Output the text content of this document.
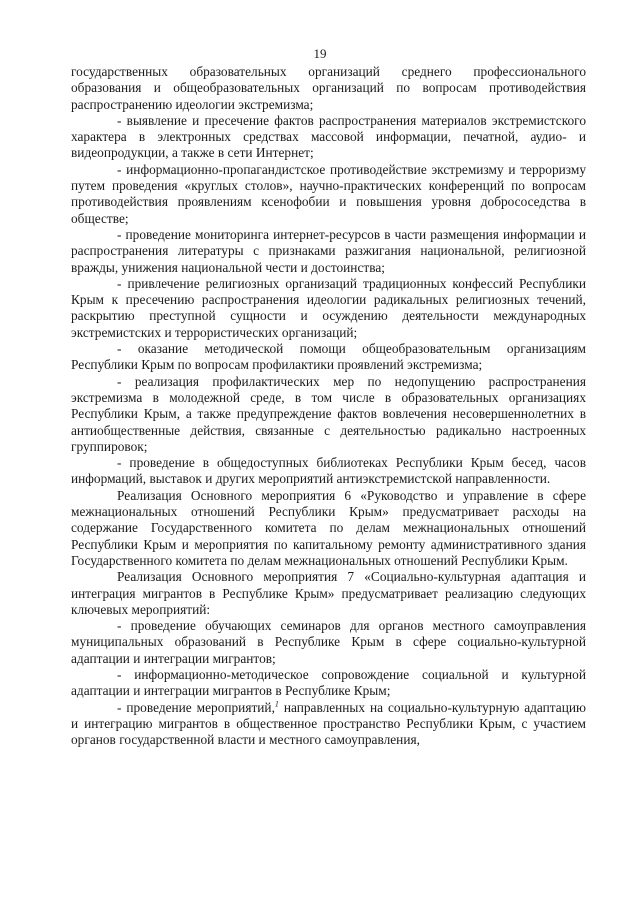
19

государственных образовательных организаций среднего профессионального образования и общеобразовательных организаций по вопросам противодействия распространению идеологии экстремизма;

- выявление и пресечение фактов распространения материалов экстремистского характера в электронных средствах массовой информации, печатной, аудио- и видеопродукции, а также в сети Интернет;

- информационно-пропагандистское противодействие экстремизму и терроризму путем проведения «круглых столов», научно-практических конференций по вопросам противодействия проявлениям ксенофобии и повышения уровня добрососедства в обществе;

- проведение мониторинга интернет-ресурсов в части размещения информации и распространения литературы с признаками разжигания национальной, религиозной вражды, унижения национальной чести и достоинства;

- привлечение религиозных организаций традиционных конфессий Республики Крым к пресечению распространения идеологии радикальных религиозных течений, раскрытию преступной сущности и осуждению деятельности международных экстремистских и террористических организаций;

- оказание методической помощи общеобразовательным организациям Республики Крым по вопросам профилактики проявлений экстремизма;

- реализация профилактических мер по недопущению распространения экстремизма в молодежной среде, в том числе в образовательных организациях Республики Крым, а также предупреждение фактов вовлечения несовершеннолетних в антиобщественные действия, связанные с деятельностью радикально настроенных группировок;

- проведение в общедоступных библиотеках Республики Крым бесед, часов информаций, выставок и других мероприятий антиэкстремистской направленности.

Реализация Основного мероприятия 6 «Руководство и управление в сфере межнациональных отношений Республики Крым» предусматривает расходы на содержание Государственного комитета по делам межнациональных отношений Республики Крым и мероприятия по капитальному ремонту административного здания Государственного комитета по делам межнациональных отношений Республики Крым.

Реализация Основного мероприятия 7 «Социально-культурная адаптация и интеграция мигрантов в Республике Крым» предусматривает реализацию следующих ключевых мероприятий:

- проведение обучающих семинаров для органов местного самоуправления муниципальных образований в Республике Крым в сфере социально-культурной адаптации и интеграции мигрантов;

- информационно-методическое сопровождение социальной и культурной адаптации и интеграции мигрантов в Республике Крым;

- проведение мероприятий,$^1$ направленных на социально-культурную адаптацию и интеграцию мигрантов в общественное пространство Республики Крым, с участием органов государственной власти и местного самоуправления,
